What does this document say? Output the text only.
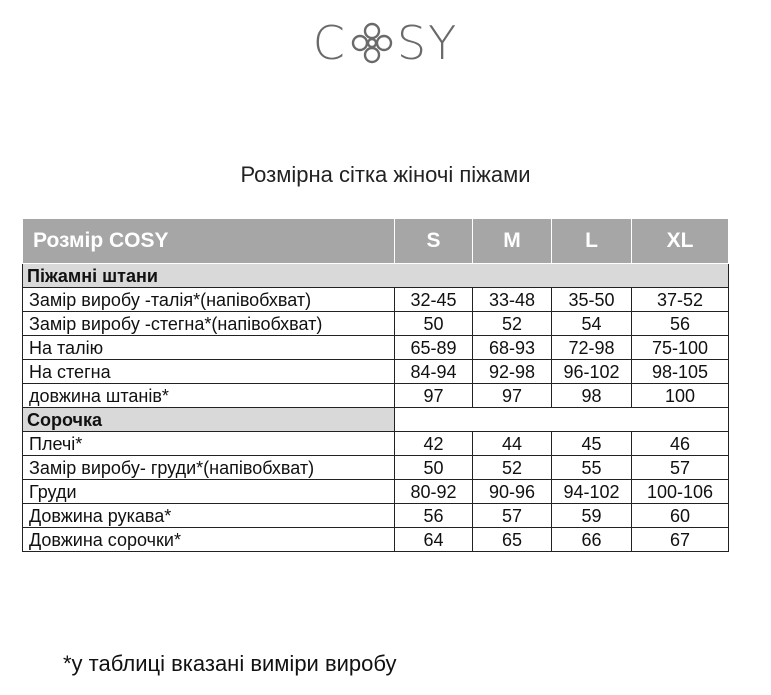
C SY
Розмірна сітка жіночі піжами
Розмір COSY	S	M	L	XL
Піжамні штани				
Замір виробу -талія*(напівобхват)	32-45	33-48	35-50	37-52
Замір виробу -стегна*(напівобхват)	50	52	54	56
На талію	65-89	68-93	72-98	75-100
На стегна	84-94	92-98	96-102	98-105
довжина штанів*	97	97	98	100
Сорочка				
Плечі*	42	44	45	46
Замір виробу- груди*(напівобхват)	50	52	55	57
Груди	80-92	90-96	94-102	100-106
Довжина рукава*	56	57	59	60
Довжина сорочки*	64	65	66	67
*у таблиці вказані виміри виробу
